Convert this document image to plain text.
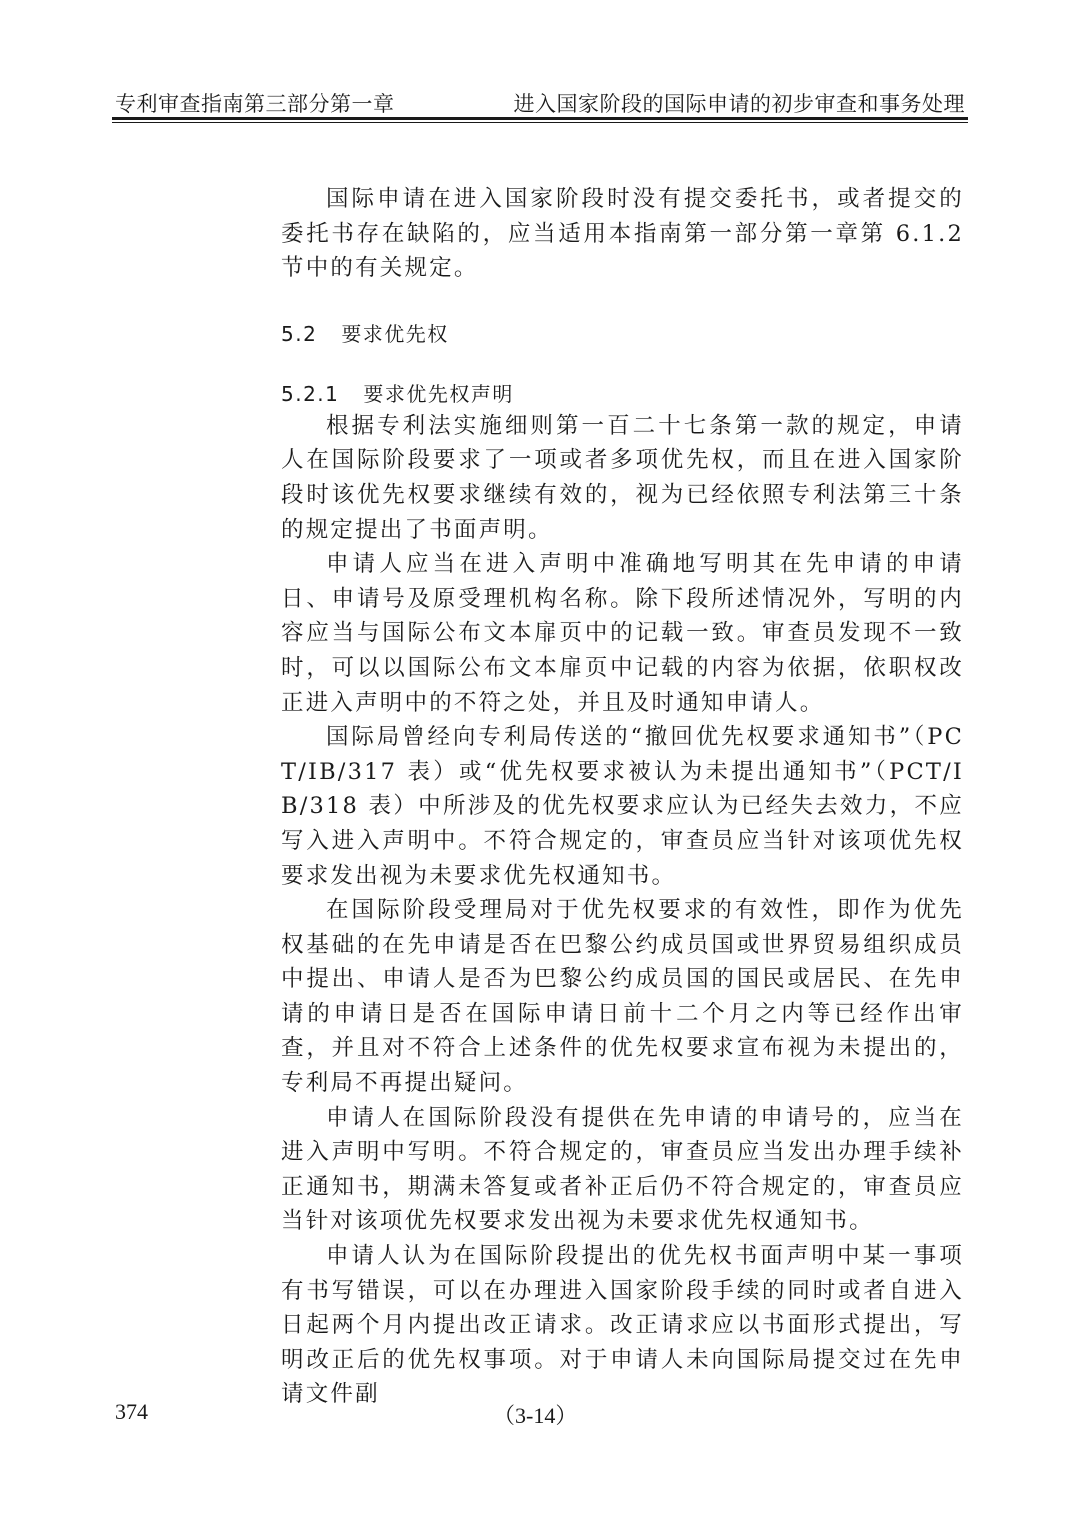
专利审查指南第三部分第一章	进入国家阶段的国际申请的初步审查和事务处理

国际申请在进入国家阶段时没有提交委托书，或者提交的委托书存在缺陷的，应当适用本指南第一部分第一章第 6.1.2 节中的有关规定。

5.2 要求优先权
5.2.1 要求优先权声明

根据专利法实施细则第一百二十七条第一款的规定，申请人在国际阶段要求了一项或者多项优先权，而且在进入国家阶段时该优先权要求继续有效的，视为已经依照专利法第三十条的规定提出了书面声明。

申请人应当在进入声明中准确地写明其在先申请的申请日、申请号及原受理机构名称。除下段所述情况外，写明的内容应当与国际公布文本扉页中的记载一致。审查员发现不一致时，可以以国际公布文本扉页中记载的内容为依据，依职权改正进入声明中的不符之处，并且及时通知申请人。

国际局曾经向专利局传送的“撤回优先权要求通知书”（PCT/IB/317 表）或“优先权要求被认为未提出通知书”（PCT/IB/318 表）中所涉及的优先权要求应认为已经失去效力，不应写入进入声明中。不符合规定的，审查员应当针对该项优先权要求发出视为未要求优先权通知书。

在国际阶段受理局对于优先权要求的有效性，即作为优先权基础的在先申请是否在巴黎公约成员国或世界贸易组织成员中提出、申请人是否为巴黎公约成员国的国民或居民、在先申请的申请日是否在国际申请日前十二个月之内等已经作出审查，并且对不符合上述条件的优先权要求宣布视为未提出的，专利局不再提出疑问。

申请人在国际阶段没有提供在先申请的申请号的，应当在进入声明中写明。不符合规定的，审查员应当发出办理手续补正通知书，期满未答复或者补正后仍不符合规定的，审查员应当针对该项优先权要求发出视为未要求优先权通知书。

申请人认为在国际阶段提出的优先权书面声明中某一事项有书写错误，可以在办理进入国家阶段手续的同时或者自进入日起两个月内提出改正请求。改正请求应以书面形式提出，写明改正后的优先权事项。对于申请人未向国际局提交过在先申请文件副

374	（3-14）
